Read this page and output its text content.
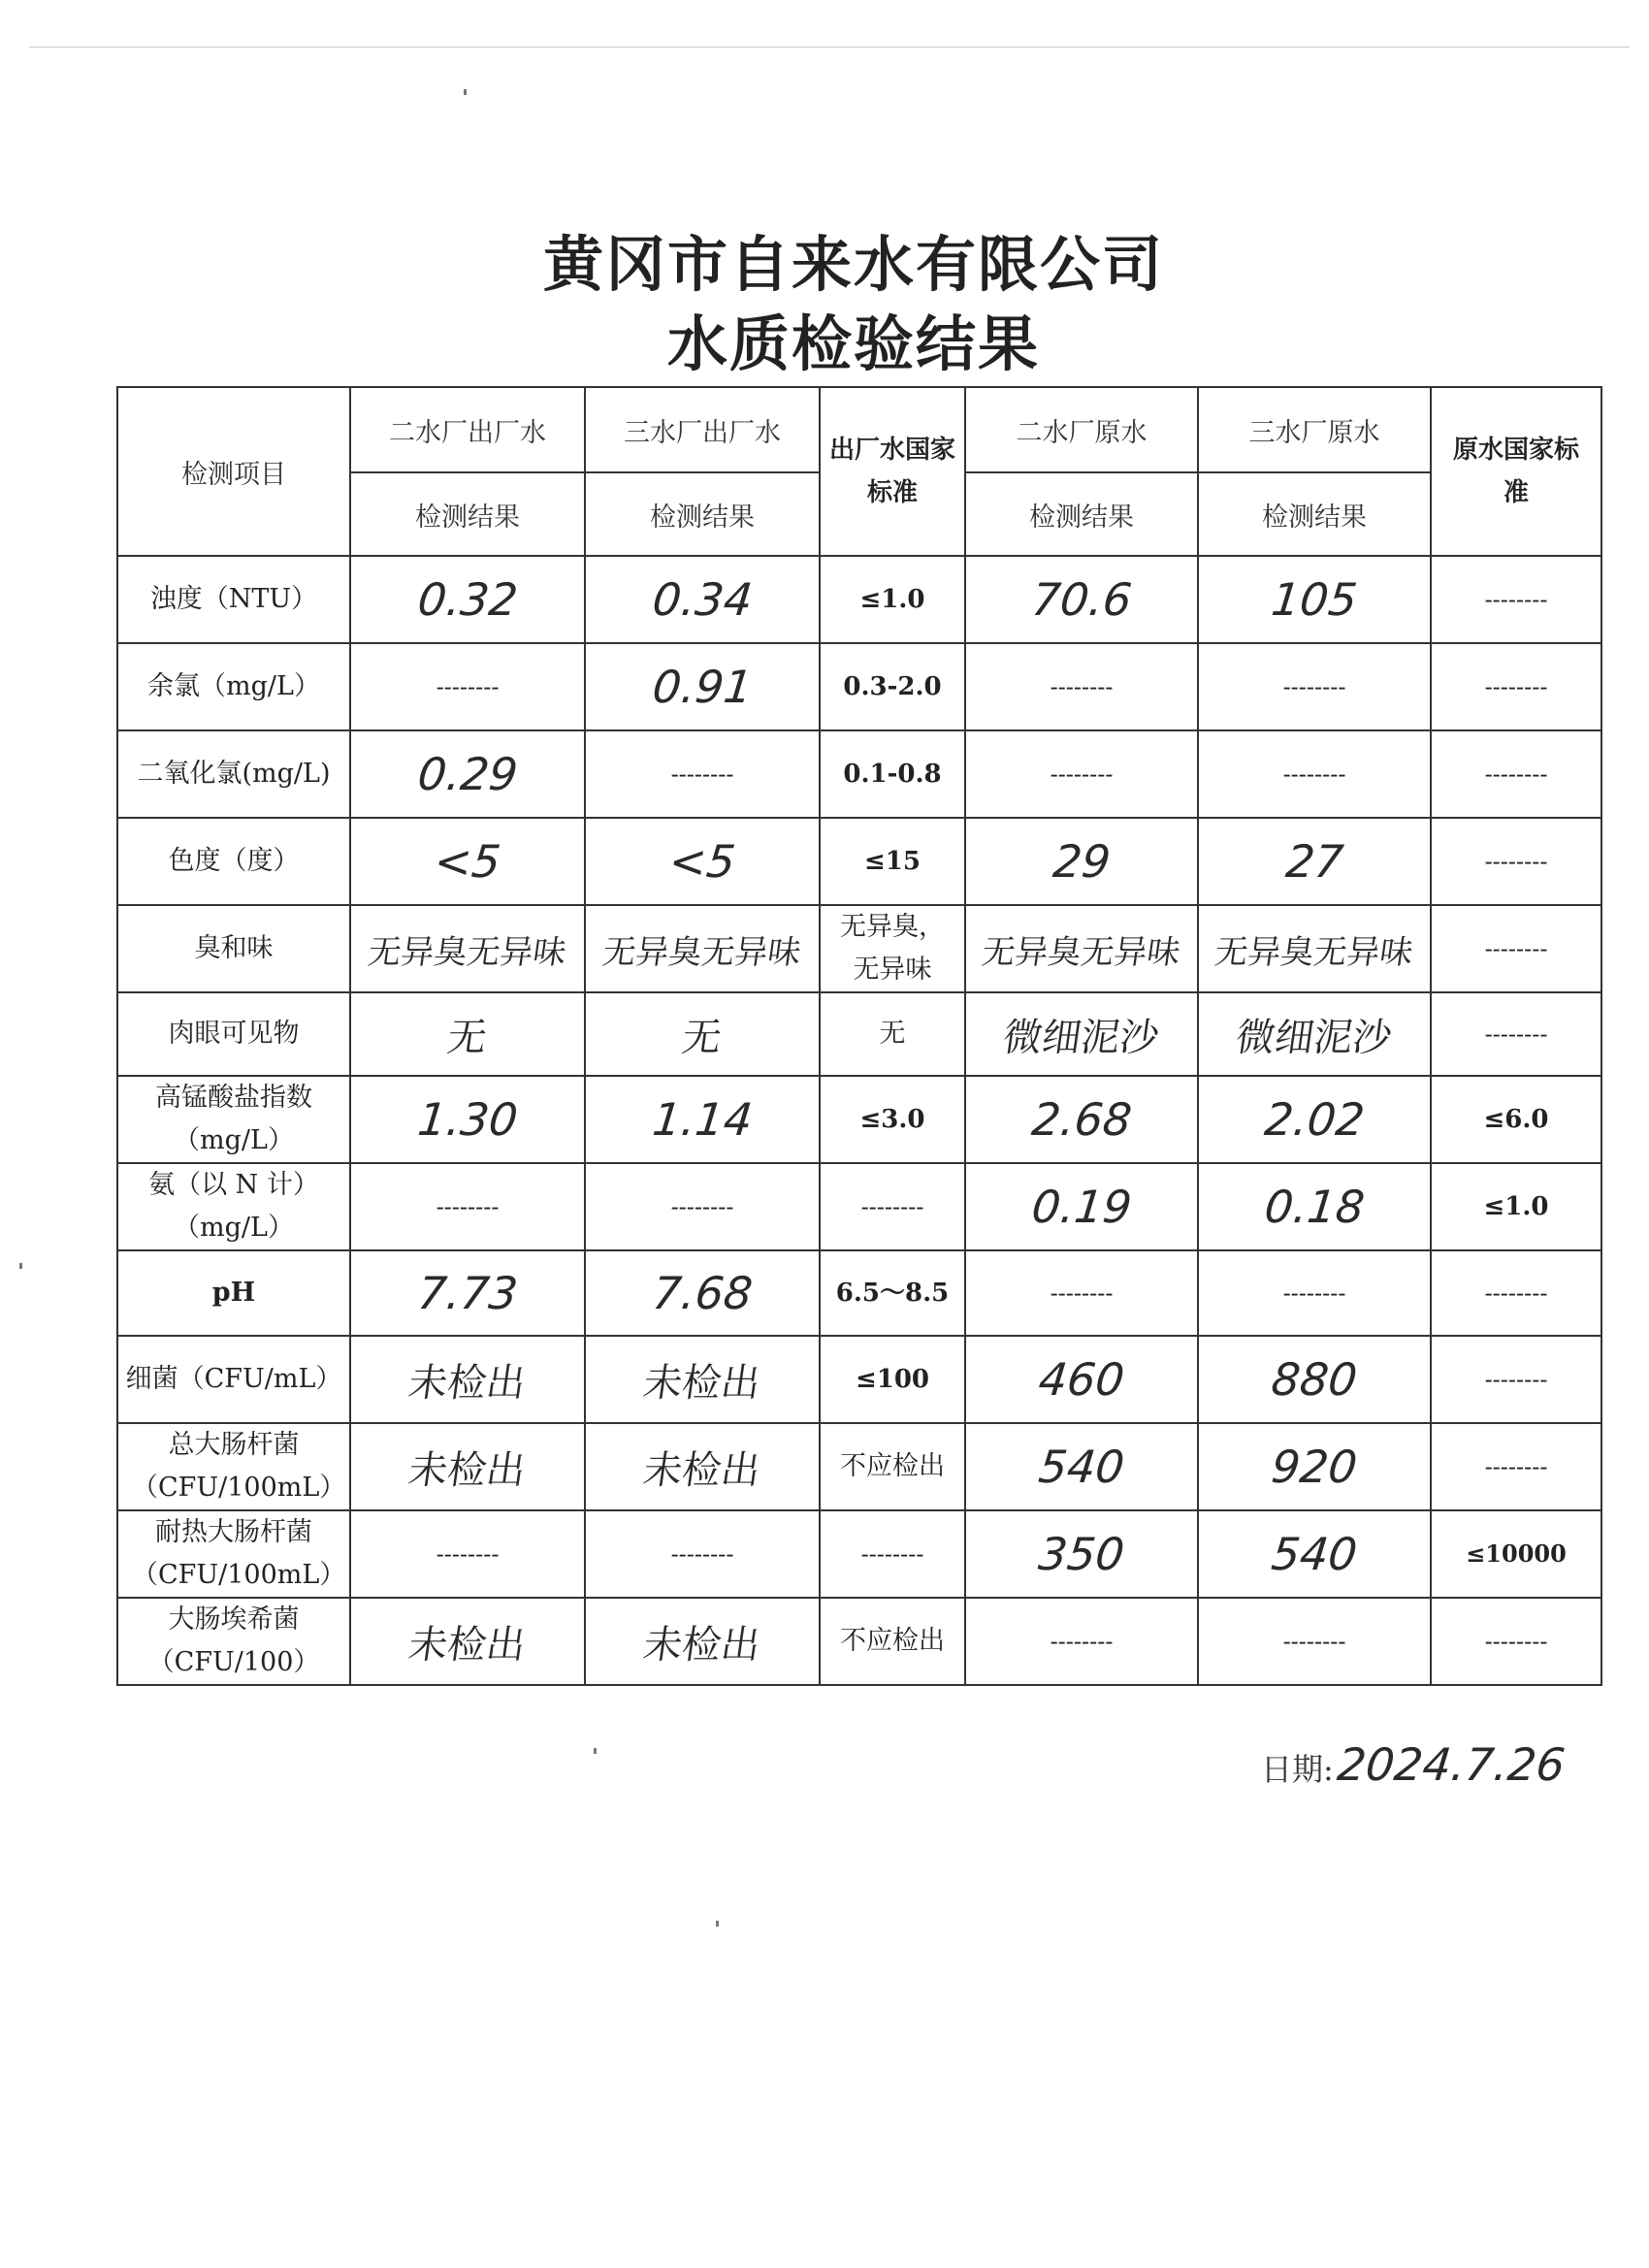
黄冈市自来水有限公司
水质检验结果
检测项目	二水厂出厂水	三水厂出厂水	出厂水国家标准	二水厂原水	三水厂原水	原水国家标准
	检测结果	检测结果		检测结果	检测结果	
浊度（NTU）	0.32	0.34	≤1.0	70.6	105	--------
余氯（mg/L）	--------	0.91	0.3-2.0	--------	--------	--------
二氧化氯(mg/L)	0.29	--------	0.1-0.8	--------	--------	--------
色度（度）	<5	<5	≤15	29	27	--------
臭和味	无异臭无异味	无异臭无异味	无异臭，无异味	无异臭无异味	无异臭无异味	--------
肉眼可见物	无	无	无	微细泥沙	微细泥沙	--------
高锰酸盐指数（mg/L）	1.30	1.14	≤3.0	2.68	2.02	≤6.0
氨（以 N 计）（mg/L）	--------	--------	--------	0.19	0.18	≤1.0
pH	7.73	7.68	6.5～8.5	--------	--------	--------
细菌（CFU/mL）	未检出	未检出	≤100	460	880	--------
总大肠杆菌（CFU/100mL）	未检出	未检出	不应检出	540	920	--------
耐热大肠杆菌（CFU/100mL）	--------	--------	--------	350	540	≤10000
大肠埃希菌（CFU/100）	未检出	未检出	不应检出	--------	--------	--------
日期:2024.7.26
